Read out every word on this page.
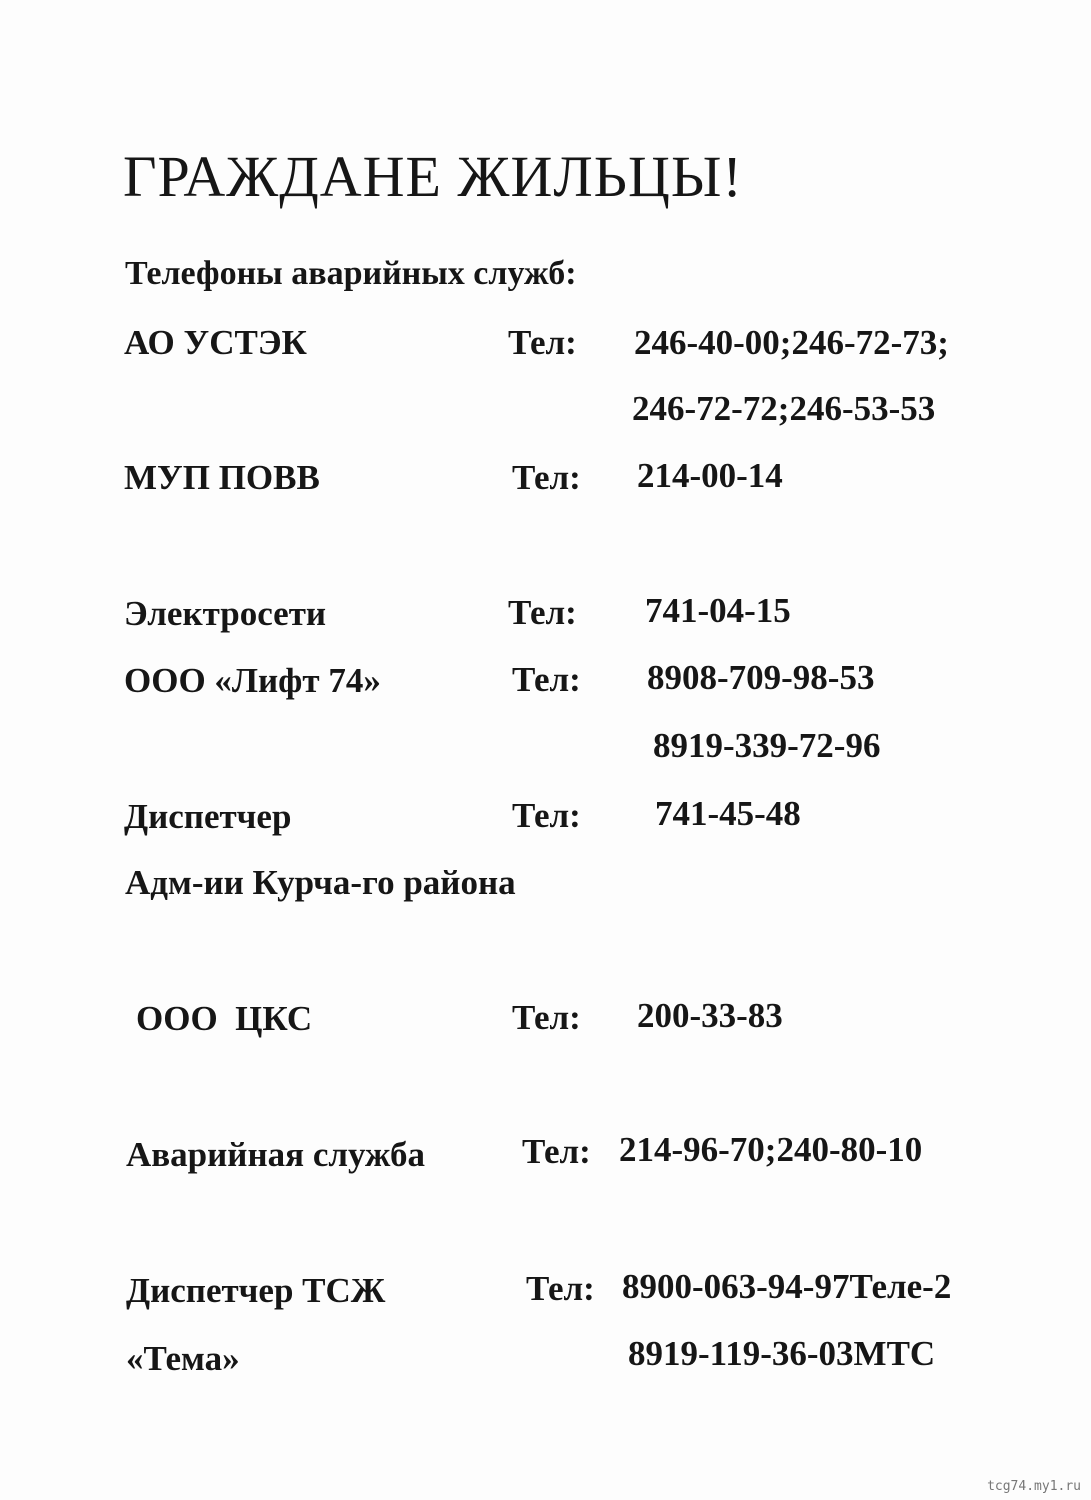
ГРАЖДАНЕ ЖИЛЬЦЫ!
Телефоны аварийных служб:
АО УСТЭК	Тел: 246-40-00;246-72-73;
246-72-72;246-53-53
МУП ПОВВ	Тел: 214-00-14
Электросети	Тел: 741-04-15
ООО «Лифт 74»	Тел: 8908-709-98-53
8919-339-72-96
Диспетчер	Тел: 741-45-48
Адм-ии Курча-го района
ООО  ЦКС	Тел: 200-33-83
Аварийная служба	Тел: 214-96-70;240-80-10
Диспетчер ТСЖ	Тел: 8900-063-94-97Теле-2
«Тема»	8919-119-36-03МТС
tcg74.my1.ru
